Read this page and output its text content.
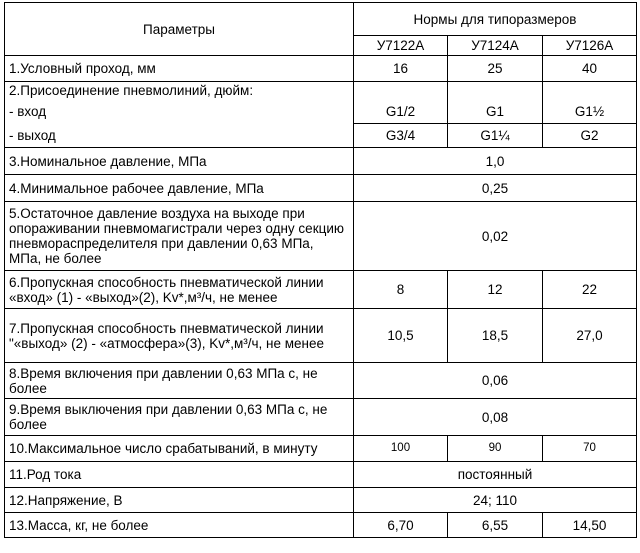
Параметры	Нормы для типоразмеров		
	У7122А	У7124А	У7126А
1.Условный проход, мм	16	25	40
2.Присоединение пневмолиний, дюйм:			
- вход	G1/2	G1	G1½
- выход	G3/4	G1¼	G2
3.Номинальное давление, МПа	1,0		
4.Минимальное рабочее давление, МПа	0,25		
5.Остаточное давление воздуха на выходе при опораживании пневмомагистрали через одну секцию пневмораспределителя при давлении 0,63 МПа, МПа, не более	0,02		
6.Пропускная способность пневматической линии «вход» (1) - «выход»(2), Kv*,м³/ч, не менее	8	12	22
7.Пропускная способность пневматической линии "«выход» (2) - «атмосфера»(3), Kv*,м³/ч, не менее	10,5	18,5	27,0
8.Время включения при давлении 0,63 МПа с, не более	0,06		
9.Время выключения при давлении 0,63 МПа с, не более	0,08		
10.Максимальное число срабатываний, в минуту	100	90	70
11.Род тока	постоянный		
12.Напряжение, В	24; 110		
13.Масса, кг, не более	6,70	6,55	14,50
